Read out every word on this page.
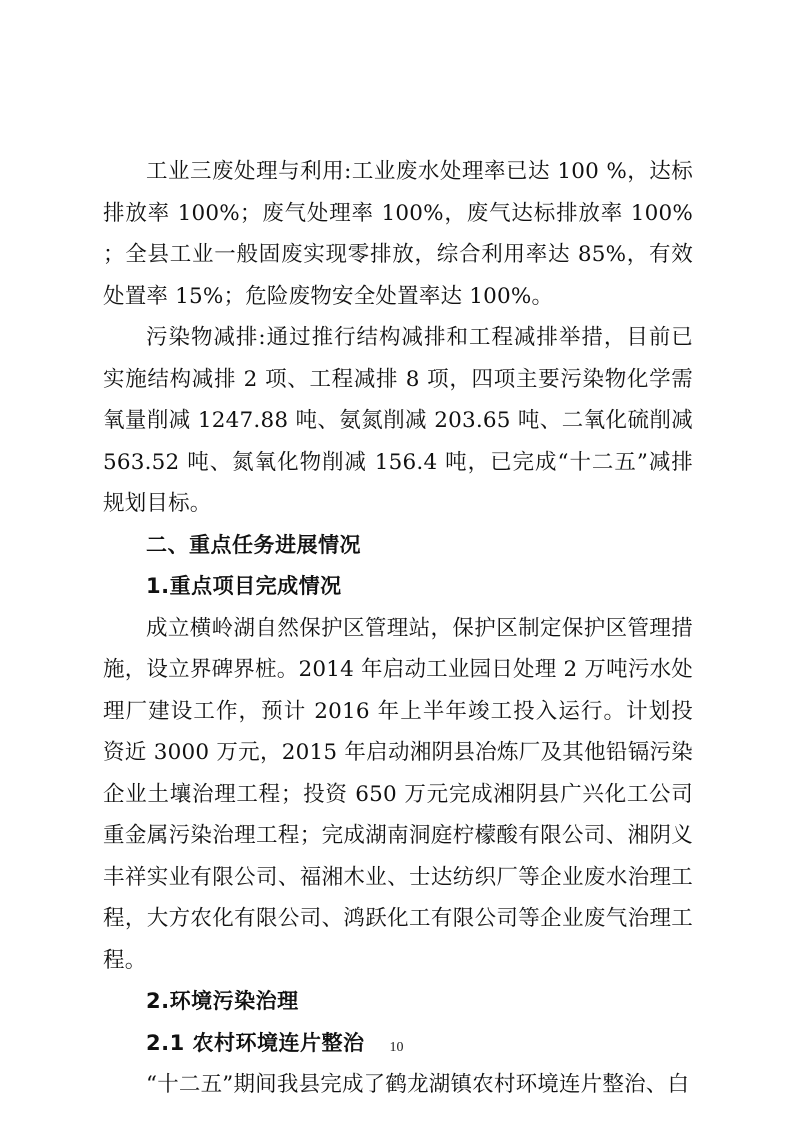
工业三废处理与利用:工业废水处理率已达 100 %，达标排放率 100%；废气处理率 100%，废气达标排放率 100% ；全县工业一般固废实现零排放，综合利用率达 85%，有效处置率 15%；危险废物安全处置率达 100%。

污染物减排:通过推行结构减排和工程减排举措，目前已实施结构减排 2 项、工程减排 8 项，四项主要污染物化学需氧量削减 1247.88 吨、氨氮削减 203.65 吨、二氧化硫削减 563.52 吨、氮氧化物削减 156.4 吨，已完成“十二五”减排规划目标。

二、重点任务进展情况

1.重点项目完成情况

成立横岭湖自然保护区管理站，保护区制定保护区管理措施，设立界碑界桩。2014 年启动工业园日处理 2 万吨污水处理厂建设工作，预计 2016 年上半年竣工投入运行。计划投资近 3000 万元，2015 年启动湘阴县冶炼厂及其他铅镉污染企业土壤治理工程；投资 650 万元完成湘阴县广兴化工公司重金属污染治理工程；完成湖南洞庭柠檬酸有限公司、湘阴义丰祥实业有限公司、福湘木业、士达纺织厂等企业废水治理工程，大方农化有限公司、鸿跃化工有限公司等企业废气治理工程。

2.环境污染治理

2.1 农村环境连片整治

“十二五”期间我县完成了鹤龙湖镇农村环境连片整治、白

10
